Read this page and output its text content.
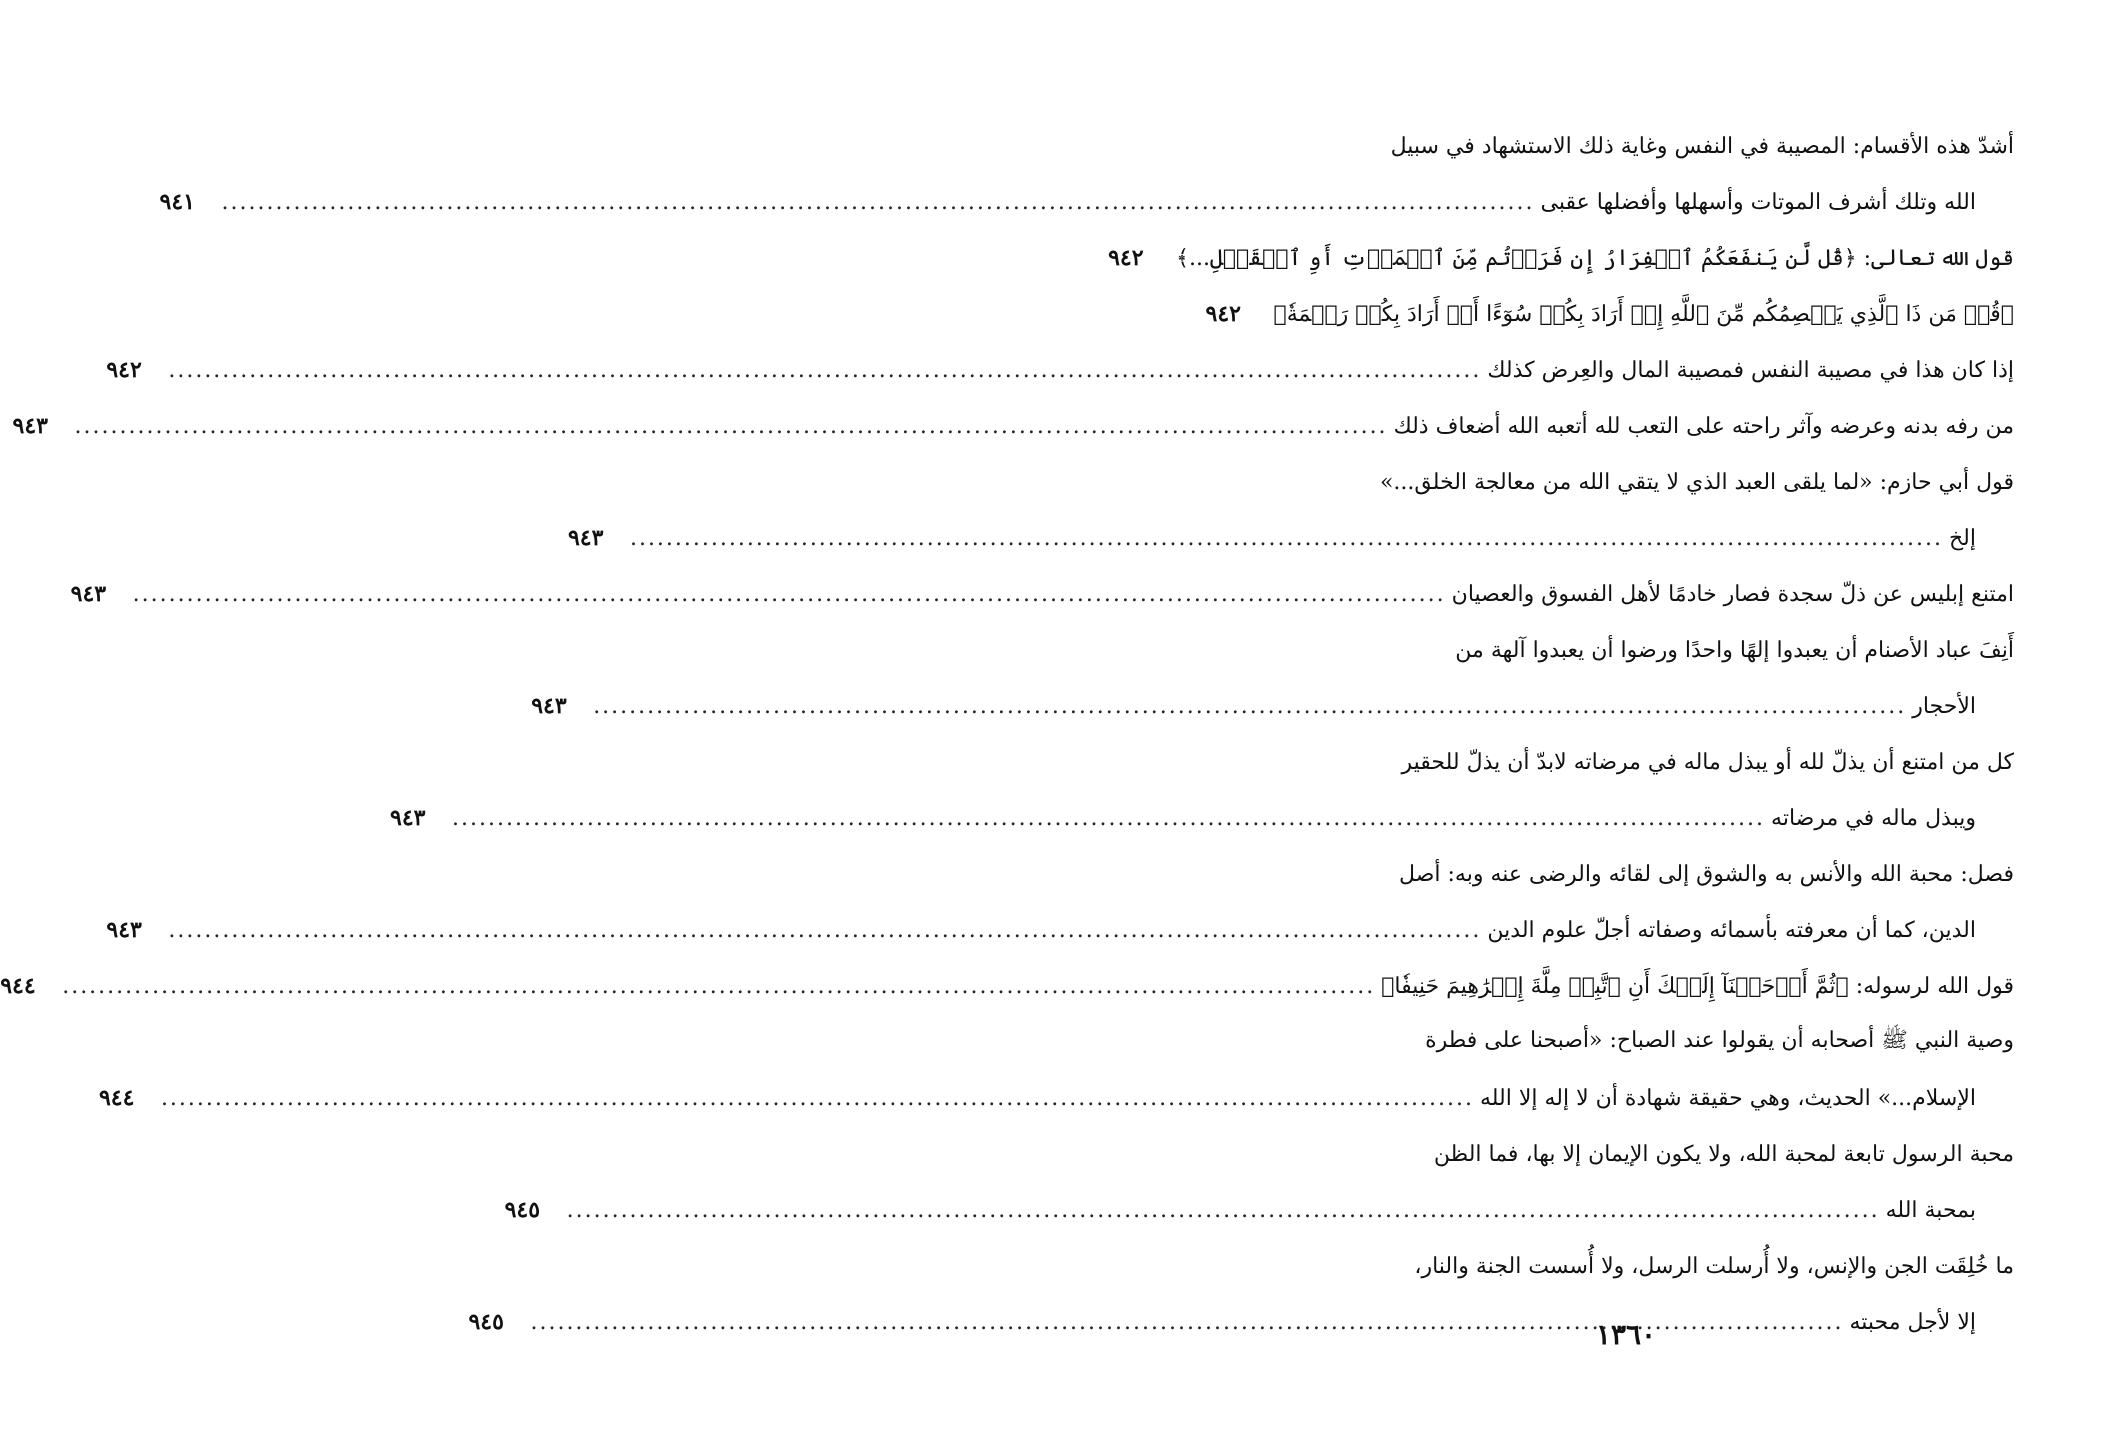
أشدّ هذه الأقسام: المصيبة في النفس وغاية ذلك الاستشهاد في سبيل
الله وتلك أشرف الموتات وأسهلها وأفضلها عقبى
.....
٩٤١
قول الله تعالى: ﴿قُل لَّن يَنفَعَكُمُ ٱلۡفِرَارُ إِن فَرَرۡتُم مِّنَ ٱلۡمَوۡتِ أَوِ ٱلۡقَتۡلِ...﴾
٩٤٢
﴿قُلۡ مَن ذَا ٱلَّذِي يَعۡصِمُكُم مِّنَ ٱللَّهِ إِنۡ أَرَادَ بِكُمۡ سُوٓءًا أَوۡ أَرَادَ بِكُمۡ رَحۡمَةٗ﴾
٩٤٢
إذا كان هذا في مصيبة النفس فمصيبة المال والعِرض كذلك
.....
٩٤٢
من رفه بدنه وعرضه وآثر راحته على التعب لله أتعبه الله أضعاف ذلك
.....
٩٤٣
قول أبي حازم: «لما يلقى العبد الذي لا يتقي الله من معالجة الخلق...»
إلخ
.....
٩٤٣
امتنع إبليس عن ذلّ سجدة فصار خادمًا لأهل الفسوق والعصيان
.....
٩٤٣
أَنِفَ عباد الأصنام أن يعبدوا إلهًا واحدًا ورضوا أن يعبدوا آلهة من
الأحجار
.....
٩٤٣
كل من امتنع أن يذلّ لله أو يبذل ماله في مرضاته لابدّ أن يذلّ للحقير
ويبذل ماله في مرضاته
.....
٩٤٣
فصل: محبة الله والأنس به والشوق إلى لقائه والرضى عنه وبه: أصل
الدين، كما أن معرفته بأسمائه وصفاته أجلّ علوم الدين
.....
٩٤٣
قول الله لرسوله: ﴿ثُمَّ أَوۡحَيۡنَآ إِلَيۡكَ أَنِ ٱتَّبِعۡ مِلَّةَ إِبۡرَٰهِيمَ حَنِيفٗا﴾
.....
٩٤٤
وصية النبي ﷺ أصحابه أن يقولوا عند الصباح: «أصبحنا على فطرة
الإسلام...» الحديث، وهي حقيقة شهادة أن لا إله إلا الله
.....
٩٤٤
محبة الرسول تابعة لمحبة الله، ولا يكون الإيمان إلا بها، فما الظن
بمحبة الله
.....
٩٤٥
ما خُلِقَت الجن والإنس، ولا أُرسلت الرسل، ولا أُسست الجنة والنار،
إلا لأجل محبته
.....
٩٤٥	١٣٦٠
